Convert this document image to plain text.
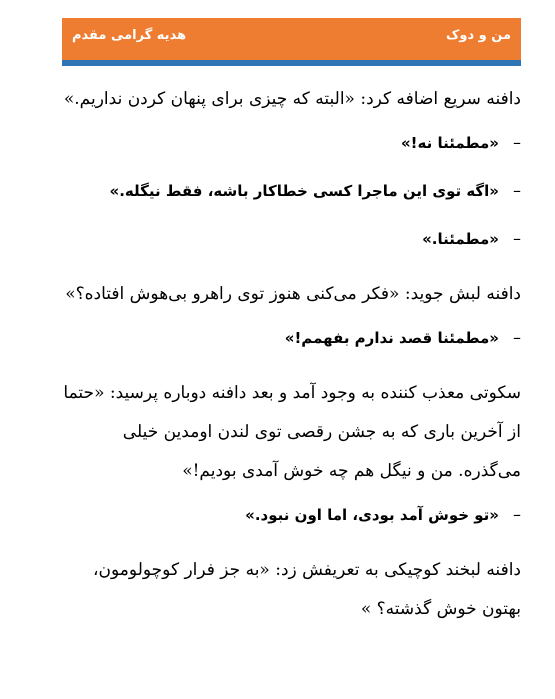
من و دوک
هدیه گرامی مقدم

دافنه سریع اضافه کرد: «البته که چیزی برای پنهان کردن نداریم.»

–
«مطمئنا نه!»
–
«اگه توی این ماجرا کسی خطاکار باشه، فقط نیگله.»
–
«مطمئنا.»

دافنه لبش جوید: «فکر می‌کنی هنوز توی راهرو بی‌هوش افتاده؟»

–
«مطمئنا قصد ندارم بفهمم!»

سکوتی معذب کننده به وجود آمد و بعد دافنه دوباره پرسید: «حتما از آخرین باری که به جشن رقصی توی لندن اومدین خیلی می‌گذره. من و نیگل هم چه خوش آمدی بودیم!»

–
«تو خوش آمد بودی، اما اون نبود.»

دافنه لبخند کوچیکی به تعریفش زد: «به جز فرار کوچولومون، بهتون خوش گذشته؟ »
